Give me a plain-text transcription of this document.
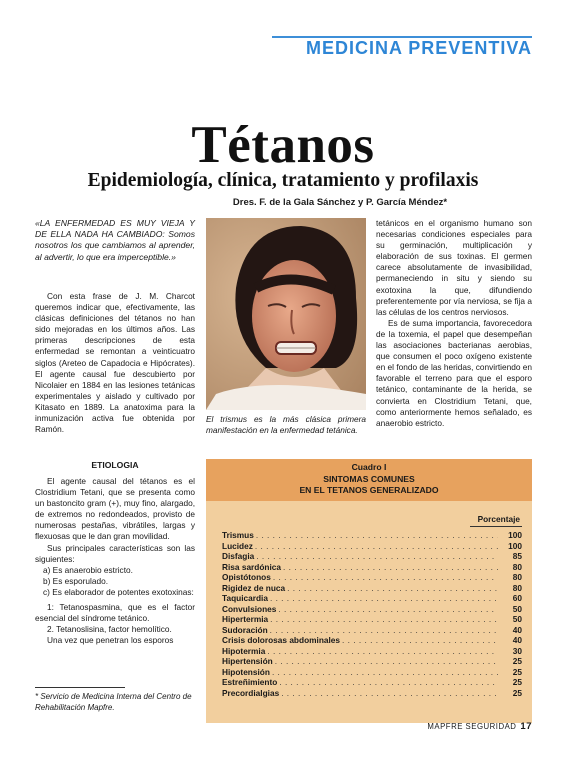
MEDICINA PREVENTIVA
Tétanos
Epidemiología, clínica, tratamiento y profilaxis
Dres. F. de la Gala Sánchez y P. García Méndez*
«LA ENFERMEDAD ES MUY VIEJA Y DE ELLA NADA HA CAMBIADO: Somos nosotros los que cambiamos al aprender, al advertir, lo que era imperceptible.»

Con esta frase de J. M. Charcot queremos indicar que, efectivamente, las clásicas definiciones del tétanos no han sido mejoradas en los últimos años. Las primeras descripciones de esta enfermedad se remontan a veinticuatro siglos (Areteo de Capadocia e Hipócrates). El agente causal fue descubierto por Nicolaier en 1884 en las lesiones tetánicas experimentales y aislado y cultivado por Kitasato en 1889. La anatoxima para la inmunización activa fue obtenida por Ramón.

ETIOLOGIA

El agente causal del tétanos es el Clostridium Tetani, que se presenta como un bastoncito gram (+), muy fino, alargado, de extremos no redondeados, provisto de numerosas pestañas, vibrátiles, largas y flexuosas que le dan gran movilidad.

Sus principales características son las siguientes:

a) Es anaerobio estricto.

b) Es esporulado.

c) Es elaborador de potentes exotoxinas:

1: Tetanospasmina, que es el factor esencial del síndrome tetánico.

2. Tetanoslisina, factor hemolítico.

Una vez que penetran los esporos

* Servicio de Medicina Interna del Centro de Rehabilitación Mapfre.
El trismus es la más clásica primera manifestación en la enfermedad tetánica.

tetánicos en el organismo humano son necesarias condiciones especiales para su germinación, multiplicación y elaboración de sus toxinas. El germen carece absolutamente de invasibilidad, permaneciendo in situ y siendo su exotoxina la que, difundiendo preferentemente por vía nerviosa, se fija a las células de los centros nerviosos.

Es de suma importancia, favorecedora de la toxemia, el papel que desempeñan las asociaciones bacterianas aerobias, que consumen el poco oxígeno existente en el fondo de las heridas, convirtiendo en favorable el terreno para que el esporo tetánico, contaminante de la herida, se convierta en Clostridium Tetani, que, como anteriormente hemos señalado, es anaerobio estricto.

Cuadro I
SINTOMAS COMUNES
EN EL TETANOS GENERALIZADO
Porcentaje
Trismus . . .	100
Lucidez . . .	100
Disfagia . . .	85
Risa sardónica . . .	80
Opistótonos . . .	80
Rigidez de nuca . . .	80
Taquicardia . . .	60
Convulsiones . . .	50
Hipertermia . . .	50
Sudoración . . .	40
Crisis dolorosas abdominales . . .	40
Hipotermia . . .	30
Hipertensión . . .	25
Hipotensión . . .	25
Estreñimiento . . .	25
Precordialgias . . .	25
MAPFRE SEGURIDAD 17
